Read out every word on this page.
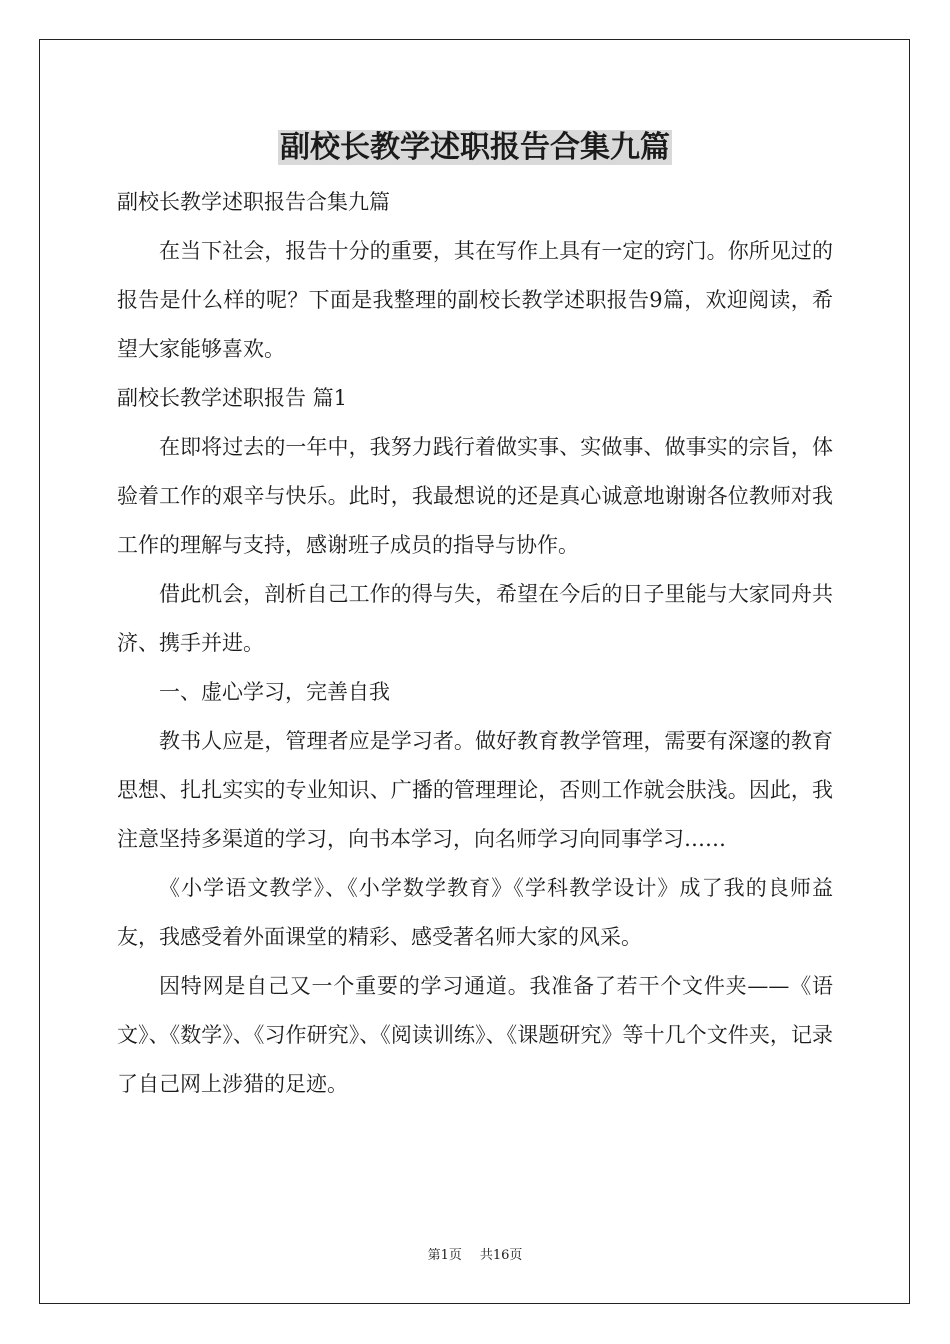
副校长教学述职报告合集九篇

副校长教学述职报告合集九篇

在当下社会，报告十分的重要，其在写作上具有一定的窍门。你所见过的报告是什么样的呢？下面是我整理的副校长教学述职报告9篇，欢迎阅读，希望大家能够喜欢。

副校长教学述职报告 篇1

在即将过去的一年中，我努力践行着做实事、实做事、做事实的宗旨，体验着工作的艰辛与快乐。此时，我最想说的还是真心诚意地谢谢各位教师对我工作的理解与支持，感谢班子成员的指导与协作。

借此机会，剖析自己工作的得与失，希望在今后的日子里能与大家同舟共济、携手并进。

一、虚心学习，完善自我

教书人应是，管理者应是学习者。做好教育教学管理，需要有深邃的教育思想、扎扎实实的专业知识、广播的管理理论，否则工作就会肤浅。因此，我注意坚持多渠道的学习，向书本学习，向名师学习向同事学习……

《小学语文教学》、《小学数学教育》《学科教学设计》成了我的良师益友，我感受着外面课堂的精彩、感受著名师大家的风采。

因特网是自己又一个重要的学习通道。我准备了若干个文件夹——《语文》、《数学》、《习作研究》、《阅读训练》、《课题研究》等十几个文件夹，记录了自己网上涉猎的足迹。

第1页 共16页
